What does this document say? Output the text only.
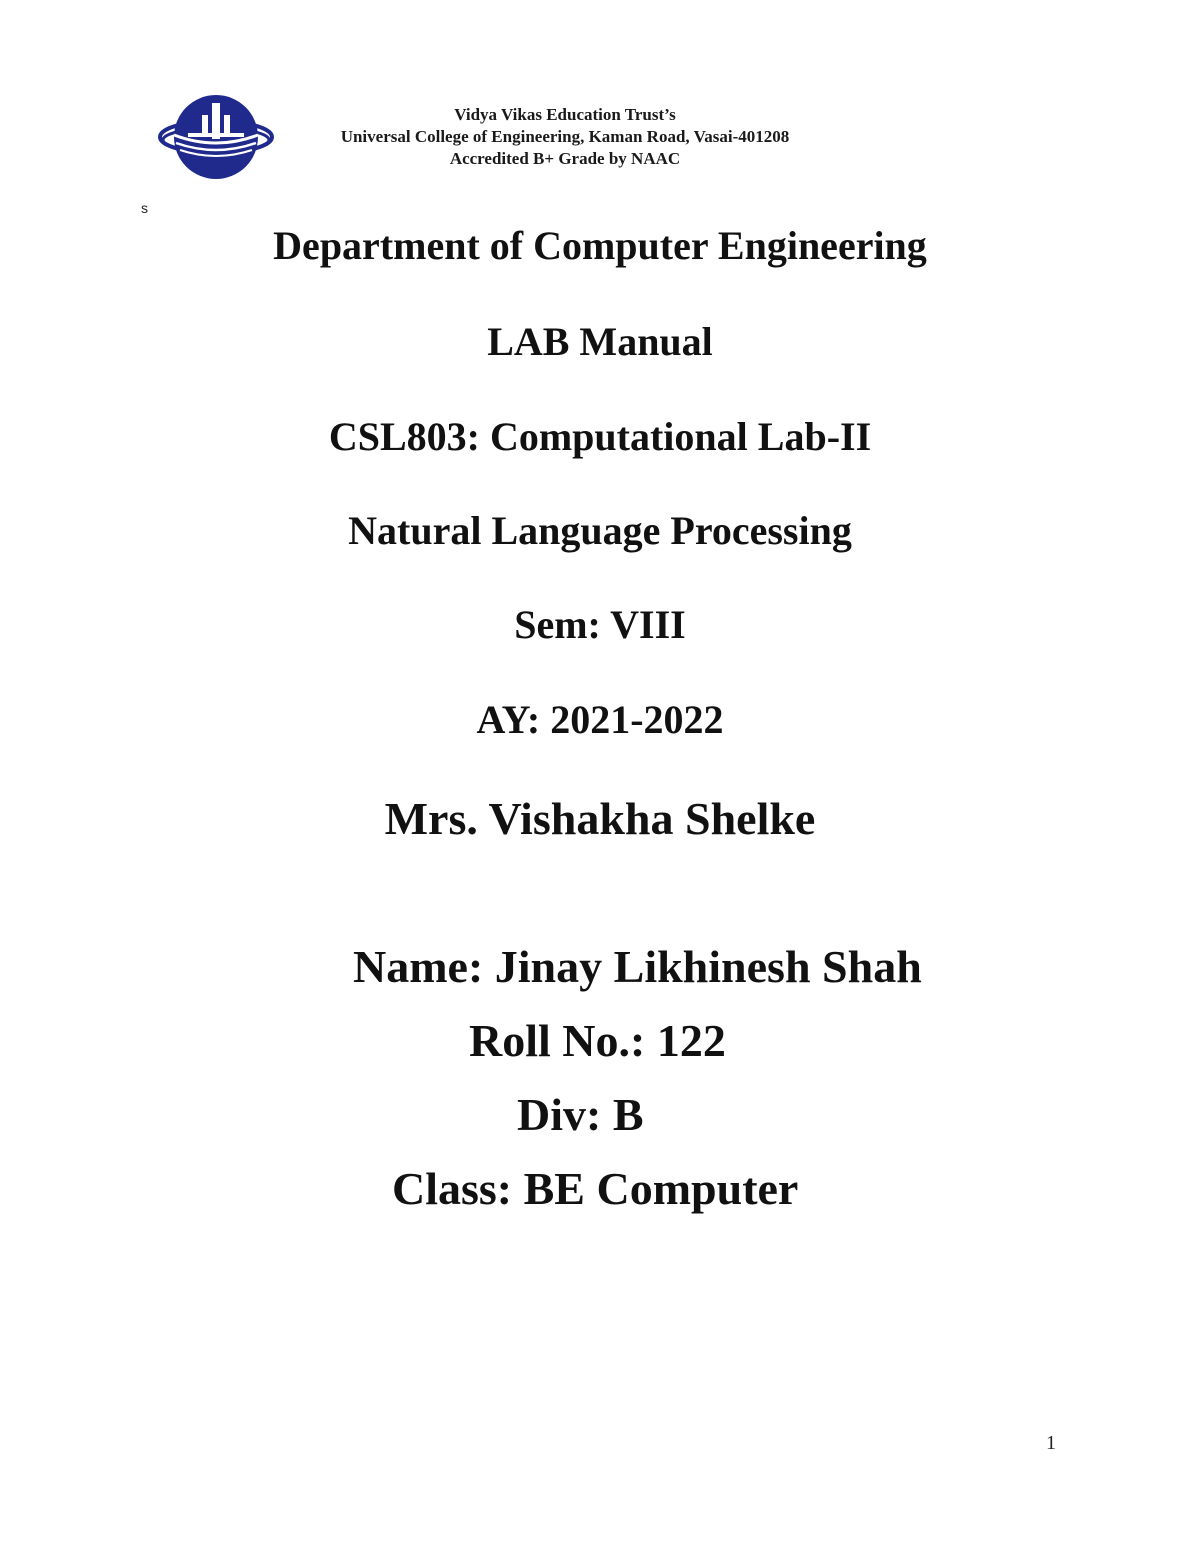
Vidya Vikas Education Trust’s
Universal College of Engineering, Kaman Road, Vasai-401208
Accredited B+ Grade by NAAC
s
Department of Computer Engineering
LAB Manual
CSL803: Computational Lab-II
Natural Language Processing
Sem: VIII
AY: 2021-2022
Mrs. Vishakha Shelke
Name: Jinay Likhinesh Shah
Roll No.: 122
Div: B
Class: BE Computer
1
